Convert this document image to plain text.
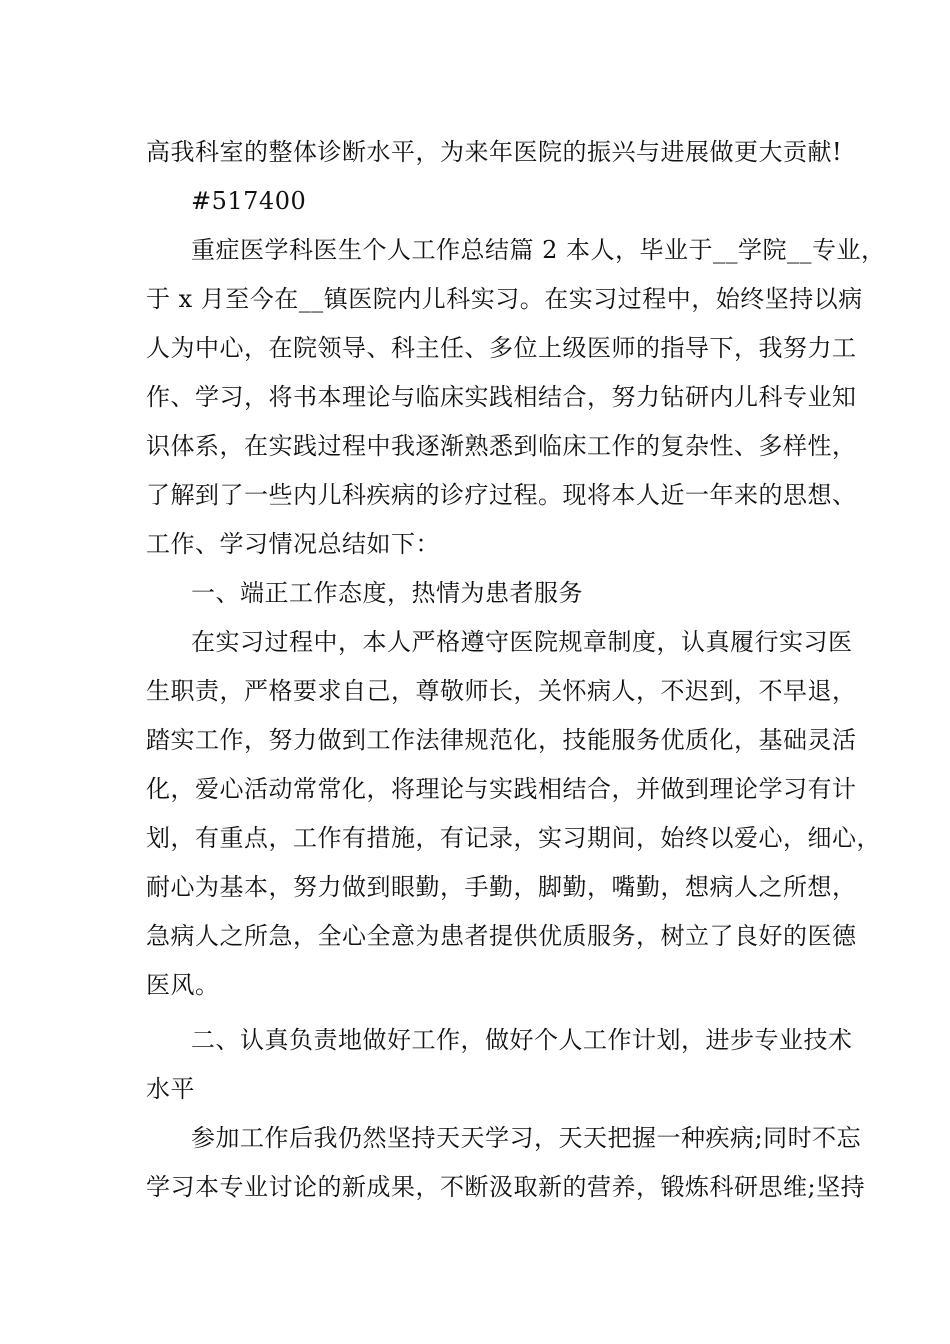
高我科室的整体诊断水平，为来年医院的振兴与进展做更大贡献!
#517400
重症医学科医生个人工作总结篇 2 本人，毕业于__学院__专业，
于 x 月至今在__镇医院内儿科实习。在实习过程中，始终坚持以病
人为中心，在院领导、科主任、多位上级医师的指导下，我努力工
作、学习，将书本理论与临床实践相结合，努力钻研内儿科专业知
识体系，在实践过程中我逐渐熟悉到临床工作的复杂性、多样性，
了解到了一些内儿科疾病的诊疗过程。现将本人近一年来的思想、
工作、学习情况总结如下：
一、端正工作态度，热情为患者服务
在实习过程中，本人严格遵守医院规章制度，认真履行实习医
生职责，严格要求自己，尊敬师长，关怀病人，不迟到，不早退，
踏实工作，努力做到工作法律规范化，技能服务优质化，基础灵活
化，爱心活动常常化，将理论与实践相结合，并做到理论学习有计
划，有重点，工作有措施，有记录，实习期间，始终以爱心，细心，
耐心为基本，努力做到眼勤，手勤，脚勤，嘴勤，想病人之所想，
急病人之所急，全心全意为患者提供优质服务，树立了良好的医德
医风。
二、认真负责地做好工作，做好个人工作计划，进步专业技术
水平
参加工作后我仍然坚持天天学习，天天把握一种疾病;同时不忘
学习本专业讨论的新成果，不断汲取新的营养，锻炼科研思维;坚持
